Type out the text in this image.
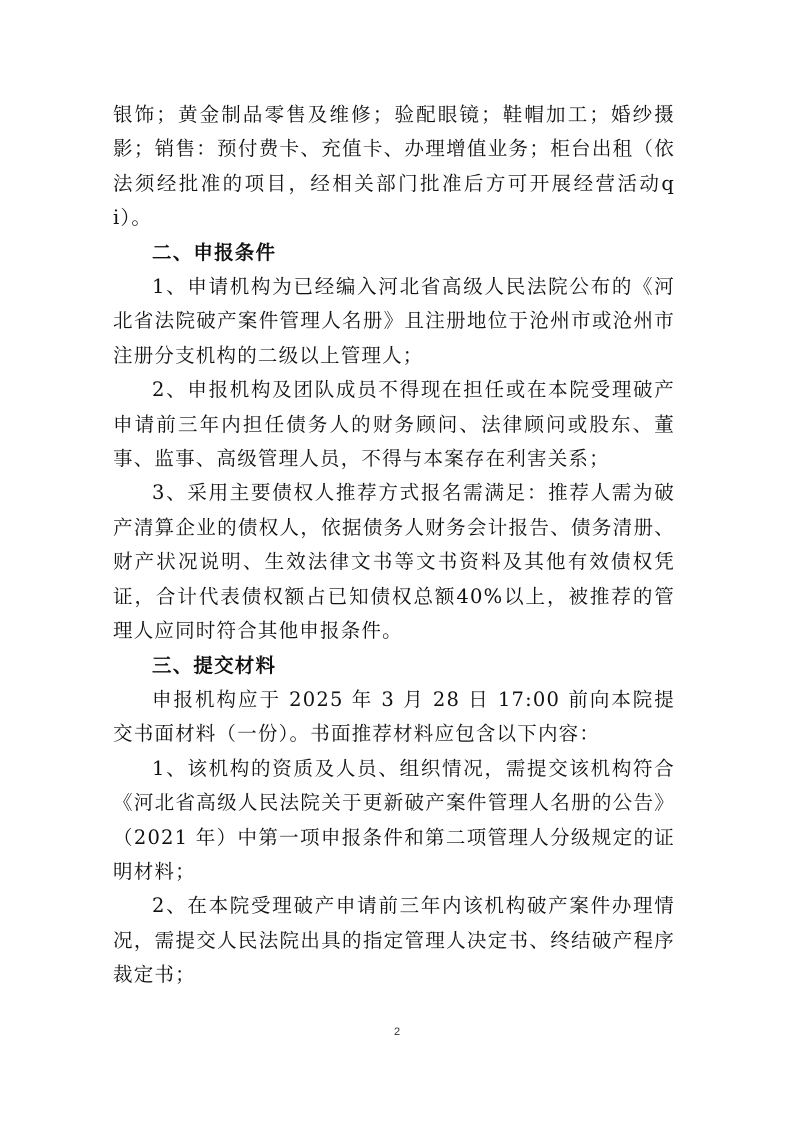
银饰；黄金制品零售及维修；验配眼镜；鞋帽加工；婚纱摄影；销售：预付费卡、充值卡、办理增值业务；柜台出租（依法须经批准的项目，经相关部门批准后方可开展经营活动qi）。

二、申报条件

1、申请机构为已经编入河北省高级人民法院公布的《河北省法院破产案件管理人名册》且注册地位于沧州市或沧州市注册分支机构的二级以上管理人；

2、申报机构及团队成员不得现在担任或在本院受理破产申请前三年内担任债务人的财务顾问、法律顾问或股东、董事、监事、高级管理人员，不得与本案存在利害关系；

3、采用主要债权人推荐方式报名需满足：推荐人需为破产清算企业的债权人，依据债务人财务会计报告、债务清册、财产状况说明、生效法律文书等文书资料及其他有效债权凭证，合计代表债权额占已知债权总额40%以上，被推荐的管理人应同时符合其他申报条件。

三、提交材料

申报机构应于 2025 年 3 月 28 日 17:00 前向本院提交书面材料（一份）。书面推荐材料应包含以下内容：

1、该机构的资质及人员、组织情况，需提交该机构符合《河北省高级人民法院关于更新破产案件管理人名册的公告》（2021 年）中第一项申报条件和第二项管理人分级规定的证明材料；

2、在本院受理破产申请前三年内该机构破产案件办理情况，需提交人民法院出具的指定管理人决定书、终结破产程序裁定书；

2
